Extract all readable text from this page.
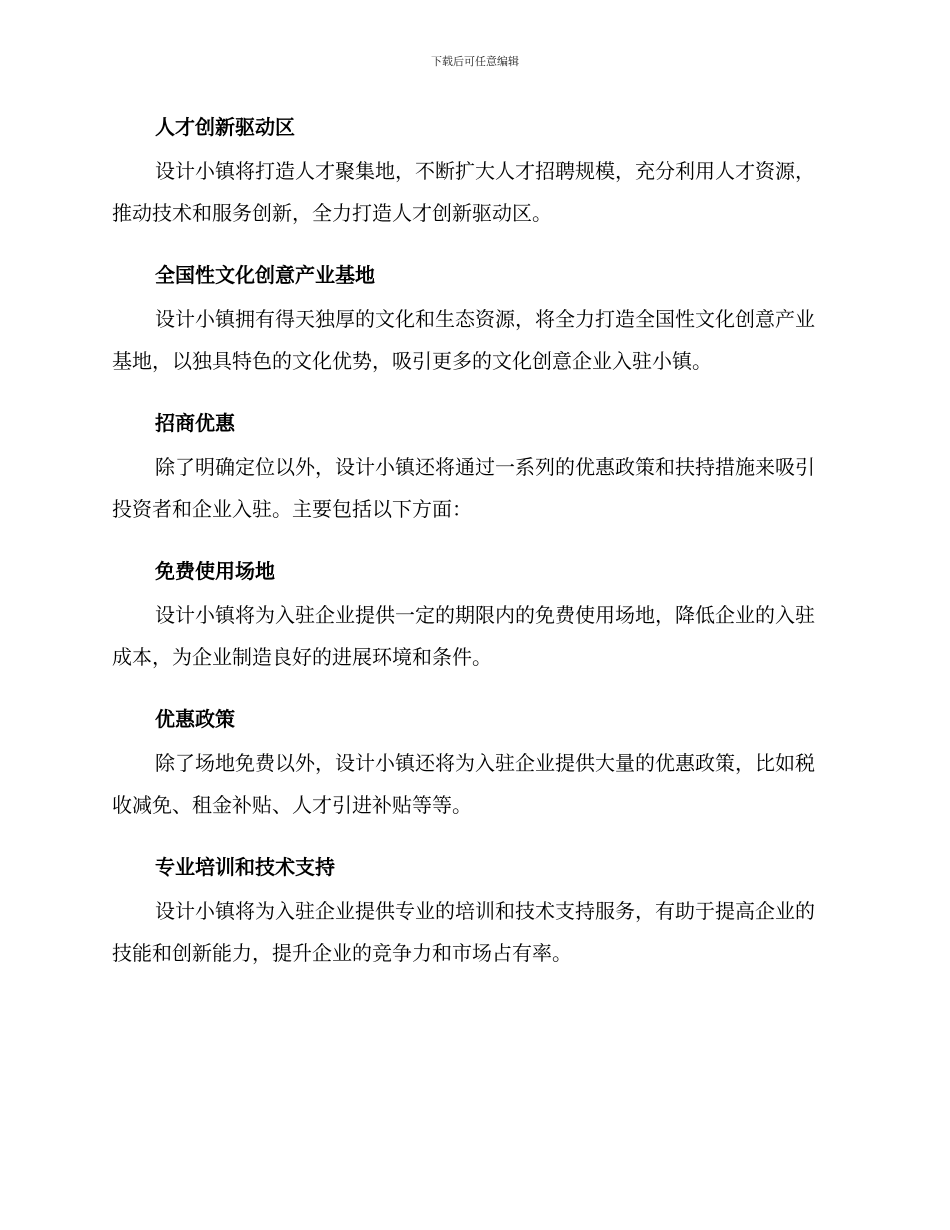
下载后可任意编辑
人才创新驱动区

设计小镇将打造人才聚集地，不断扩大人才招聘规模，充分利用人才资源，推动技术和服务创新，全力打造人才创新驱动区。

全国性文化创意产业基地

设计小镇拥有得天独厚的文化和生态资源，将全力打造全国性文化创意产业基地，以独具特色的文化优势，吸引更多的文化创意企业入驻小镇。

招商优惠

除了明确定位以外，设计小镇还将通过一系列的优惠政策和扶持措施来吸引投资者和企业入驻。主要包括以下方面：

免费使用场地

设计小镇将为入驻企业提供一定的期限内的免费使用场地，降低企业的入驻成本，为企业制造良好的进展环境和条件。

优惠政策

除了场地免费以外，设计小镇还将为入驻企业提供大量的优惠政策，比如税收减免、租金补贴、人才引进补贴等等。

专业培训和技术支持

设计小镇将为入驻企业提供专业的培训和技术支持服务，有助于提高企业的技能和创新能力，提升企业的竞争力和市场占有率。
